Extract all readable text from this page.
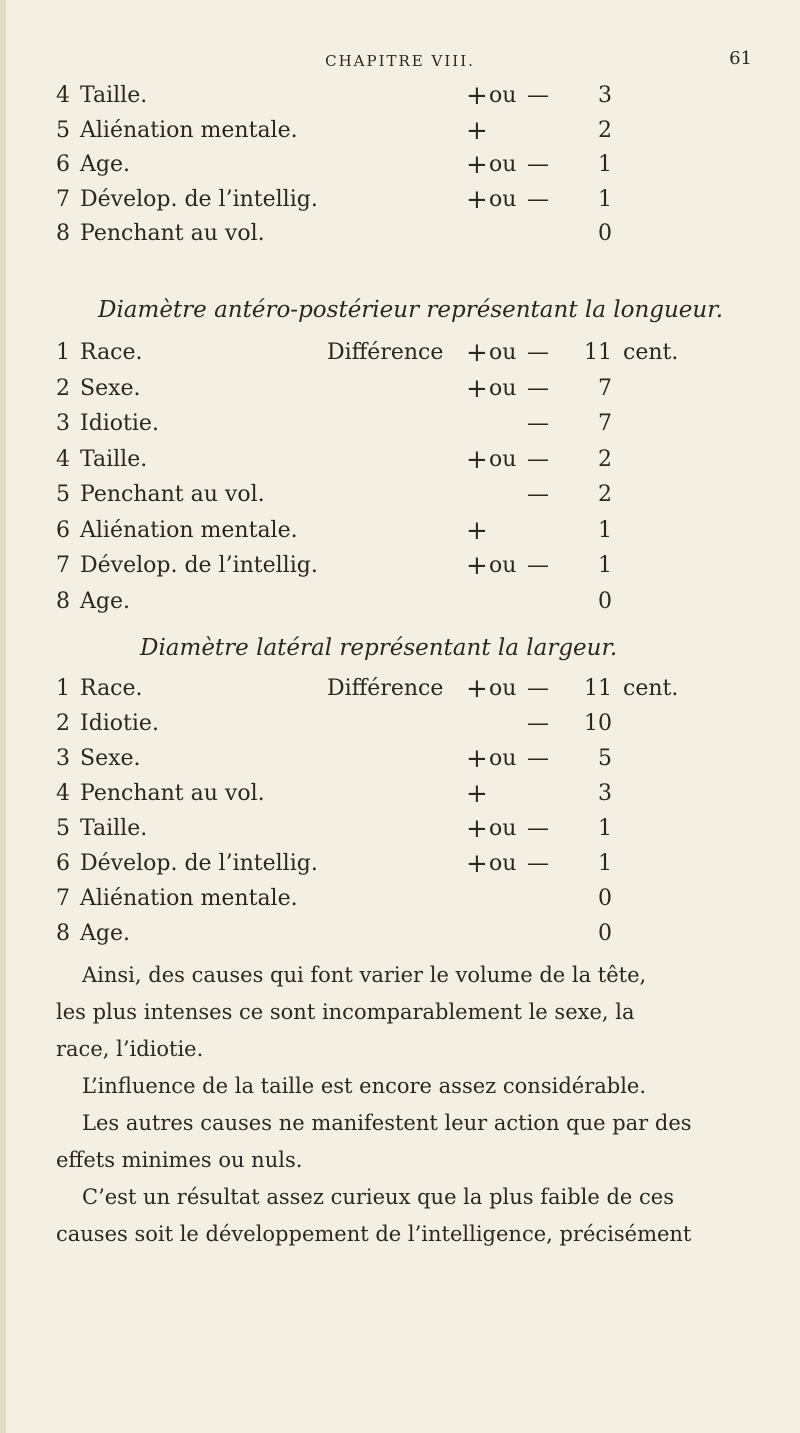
CHAPITRE VIII.	61
4 Taille.	+ ou —	3
5 Aliénation mentale.	+	2
6 Age.	+ ou —	1
7 Dévelop. de l’intellig.	+ ou —	1
8 Penchant au vol.	0
Diamètre antéro-postérieur représentant la longueur.
1 Race.	Différence + ou —	11 cent.
2 Sexe.	+ ou —	7
3 Idiotie.	—	7
4 Taille.	+ ou —	2
5 Penchant au vol.	—	2
6 Aliénation mentale.	+	1
7 Dévelop. de l’intellig.	+ ou —	1
8 Age.	0
Diamètre latéral représentant la largeur.
1 Race.	Différence + ou —	11 cent.
2 Idiotie.	—	10
3 Sexe.	+ ou —	5
4 Penchant au vol.	+	3
5 Taille.	+ ou —	1
6 Dévelop. de l’intellig.	+ ou —	1
7 Aliénation mentale.	0
8 Age.	0
Ainsi, des causes qui font varier le volume de la tête,
les plus intenses ce sont incomparablement le sexe, la
race, l’idiotie.
L’influence de la taille est encore assez considérable.
Les autres causes ne manifestent leur action que par des
effets minimes ou nuls.
C’est un résultat assez curieux que la plus faible de ces
causes soit le développement de l’intelligence, précisément
